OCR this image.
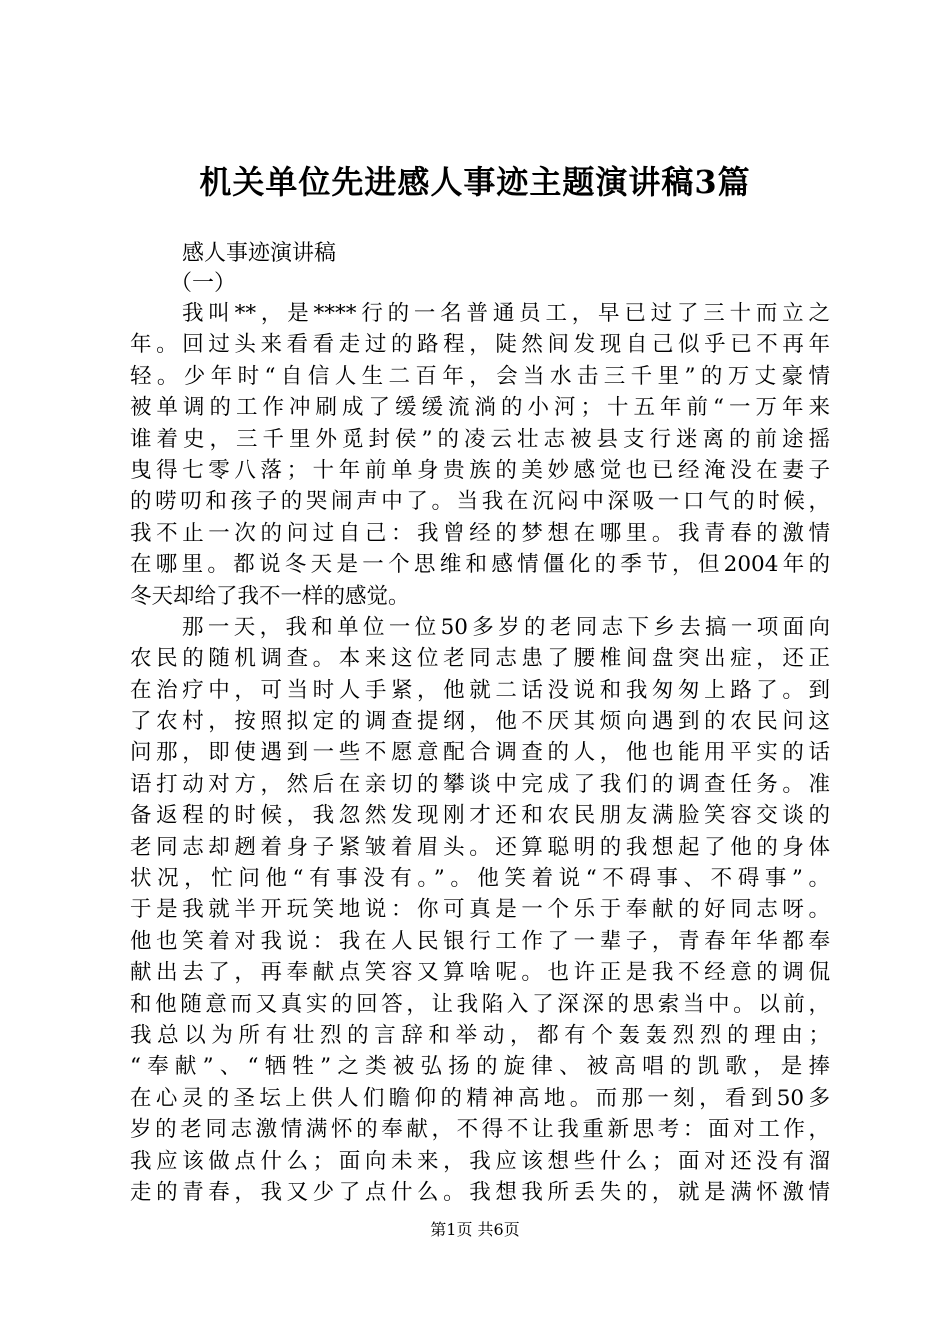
机关单位先进感人事迹主题演讲稿3篇
感人事迹演讲稿
（一）
我叫**，是****行的一名普通员工，早已过了三十而立之
年。回过头来看看走过的路程，陡然间发现自己似乎已不再年
轻。少年时“自信人生二百年，会当水击三千里”的万丈豪情
被单调的工作冲刷成了缓缓流淌的小河；十五年前“一万年来
谁着史，三千里外觅封侯”的凌云壮志被县支行迷离的前途摇
曳得七零八落；十年前单身贵族的美妙感觉也已经淹没在妻子
的唠叨和孩子的哭闹声中了。当我在沉闷中深吸一口气的时候，
我不止一次的问过自己：我曾经的梦想在哪里。我青春的激情
在哪里。都说冬天是一个思维和感情僵化的季节，但2004年的
冬天却给了我不一样的感觉。
那一天，我和单位一位50多岁的老同志下乡去搞一项面向
农民的随机调查。本来这位老同志患了腰椎间盘突出症，还正
在治疗中，可当时人手紧，他就二话没说和我匆匆上路了。到
了农村，按照拟定的调查提纲，他不厌其烦向遇到的农民问这
问那，即使遇到一些不愿意配合调查的人，他也能用平实的话
语打动对方，然后在亲切的攀谈中完成了我们的调查任务。准
备返程的时候，我忽然发现刚才还和农民朋友满脸笑容交谈的
老同志却趔着身子紧皱着眉头。还算聪明的我想起了他的身体
状况，忙问他“有事没有。”。他笑着说“不碍事、不碍事”。
于是我就半开玩笑地说：你可真是一个乐于奉献的好同志呀。
他也笑着对我说：我在人民银行工作了一辈子，青春年华都奉
献出去了，再奉献点笑容又算啥呢。也许正是我不经意的调侃
和他随意而又真实的回答，让我陷入了深深的思索当中。以前，
我总以为所有壮烈的言辞和举动，都有个轰轰烈烈的理由；
“奉献”、“牺牲”之类被弘扬的旋律、被高唱的凯歌，是捧
在心灵的圣坛上供人们瞻仰的精神高地。而那一刻，看到50多
岁的老同志激情满怀的奉献，不得不让我重新思考：面对工作，
我应该做点什么；面向未来，我应该想些什么；面对还没有溜
走的青春，我又少了点什么。我想我所丢失的，就是满怀激情
第1页 共6页
